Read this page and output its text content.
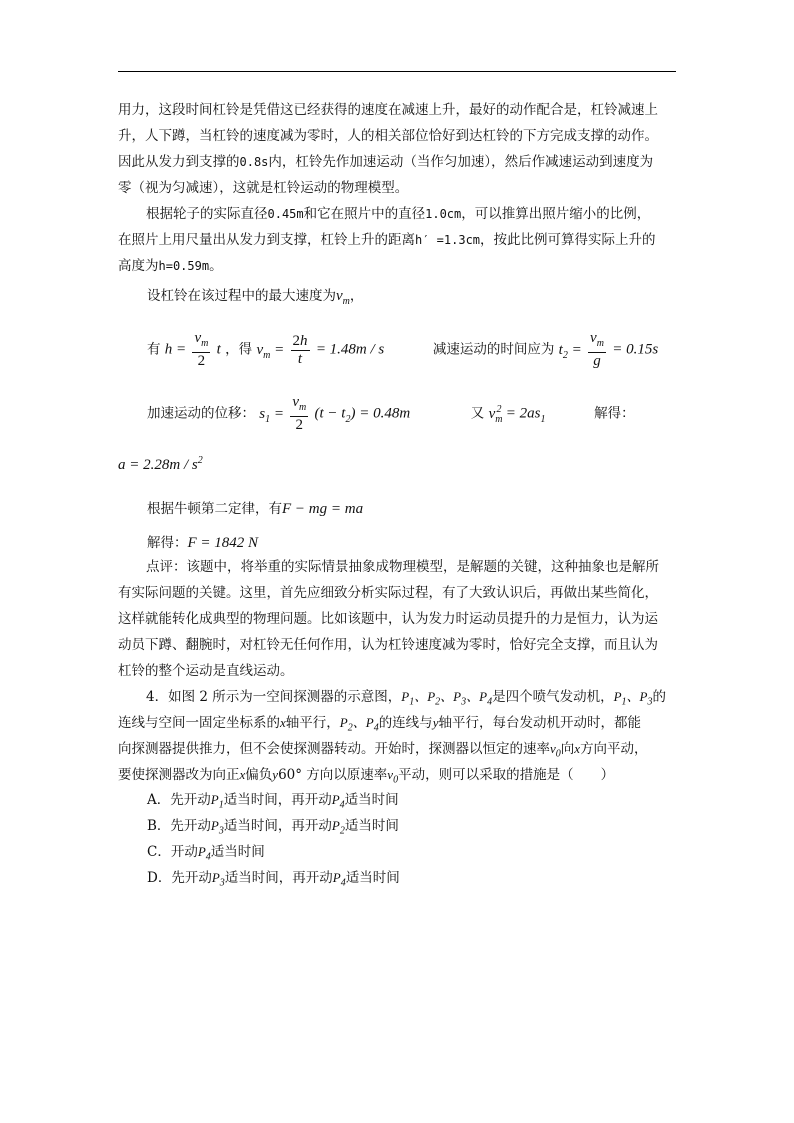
用力，这段时间杠铃是凭借这已经获得的速度在减速上升，最好的动作配合是，杠铃减速上
升，人下蹲，当杠铃的速度减为零时，人的相关部位恰好到达杠铃的下方完成支撑的动作。
因此从发力到支撑的0.8s内，杠铃先作加速运动（当作匀加速），然后作减速运动到速度为
零（视为匀减速），这就是杠铃运动的物理模型。
根据轮子的实际直径0.45m和它在照片中的直径1.0cm，可以推算出照片缩小的比例，
在照片上用尺量出从发力到支撑，杠铃上升的距离h′ =1.3cm，按此比例可算得实际上升的
高度为h=0.59m。
设杠铃在该过程中的最大速度为$v_m$，
有 $h = \frac{v_m}{2}$ t ，得 $v_m = \frac{2h}{t} = 1.48m / s$	减速运动的时间应为 $t_2 = \frac{v_m}{g} = 0.15s$
加速运动的位移： $s_1 = \frac{v_m}{2} (t - t_2) = 0.48m$	又 $v_m^2 = 2as_1$	解得：
$a = 2.28m / s^2$
根据牛顿第二定律，有F − mg = ma
解得：F = 1842 N
点评：该题中，将举重的实际情景抽象成物理模型，是解题的关键，这种抽象也是解所
有实际问题的关键。这里，首先应细致分析实际过程，有了大致认识后，再做出某些简化，
这样就能转化成典型的物理问题。比如该题中，认为发力时运动员提升的力是恒力，认为运
动员下蹲、翻腕时，对杠铃无任何作用，认为杠铃速度减为零时，恰好完全支撑，而且认为
杠铃的整个运动是直线运动。
4．如图 2 所示为一空间探测器的示意图，$P_1$、$P_2$、$P_3$、$P_4$是四个喷气发动机，$P_1$、$P_3$的
连线与空间一固定坐标系的x轴平行，$P_2$、$P_4$的连线与y轴平行，每台发动机开动时，都能
向探测器提供推力，但不会使探测器转动。开始时，探测器以恒定的速率$v_0$向x方向平动，
要使探测器改为向正x偏负y60° 方向以原速率$v_0$平动，则可以采取的措施是（　　）
A．先开动$P_1$适当时间，再开动$P_4$适当时间
B．先开动$P_3$适当时间，再开动$P_2$适当时间
C．开动$P_4$适当时间
D．先开动$P_3$适当时间，再开动$P_4$适当时间
